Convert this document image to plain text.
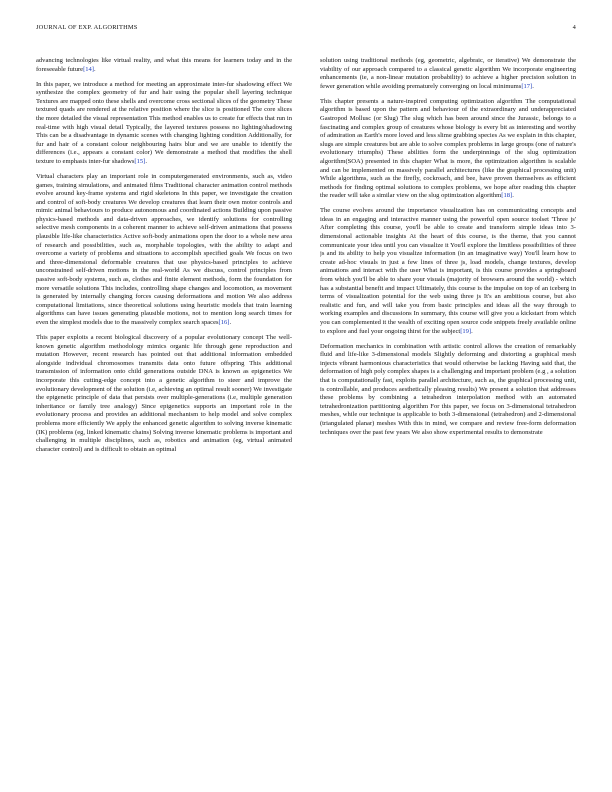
JOURNAL OF EXP. ALGORITHMS	4

advancing technologies like virtual reality, and what this means for learners today and in the foreseeable future[14].

In this paper, we introduce a method for meeting an approximate inter-fur shadowing effect We synthesize the complex geometry of fur and hair using the popular shell layering technique Textures are mapped onto these shells and overcome cross sectional slices of the geometry These textured quads are rendered at the relative position where the slice is positioned The core slices the more detailed the visual representation This method enables us to create fur effects that run in real-time with high visual detail Typically, the layered textures possess no lighting/shadowing This can be a disadvantage in dynamic scenes with changing lighting condition Additionally, for fur and hair of a constant colour neighbouring hairs blur and we are unable to identify the differences (i.e., appears a constant color) We demonstrate a method that modifies the shell texture to emphasis inter-fur shadows[15].

Virtual characters play an important role in computergenerated environments, such as, video games, training simulations, and animated films Traditional character animation control methods evolve around key-frame systems and rigid skeletons In this paper, we investigate the creation and control of soft-body creatures We develop creatures that learn their own motor controls and mimic animal behaviours to produce autonomous and coordinated actions Building upon passive physics-based methods and data-driven approaches, we identify solutions for controlling selective mesh components in a coherent manner to achieve self-driven animations that possess plausible life-like characteristics Active soft-body animations open the door to a whole new area of research and possibilities, such as, morphable topologies, with the ability to adapt and overcome a variety of problems and situations to accomplish specified goals We focus on two and three-dimensional deformable creatures that use physics-based principles to achieve unconstrained self-driven motions in the real-world As we discuss, control principles from passive soft-body systems, such as, clothes and finite element methods, form the foundation for more versatile solutions This includes, controlling shape changes and locomotion, as movement is generated by internally changing forces causing deformations and motion We also address computational limitations, since theoretical solutions using heuristic models that train learning algorithms can have issues generating plausible motions, not to mention long search times for even the simplest models due to the massively complex search spaces[16].

This paper exploits a recent biological discovery of a popular evolutionary concept The well-known genetic algorithm methodology mimics organic life through gene reproduction and mutation However, recent research has pointed out that additional information embedded alongside individual chromosomes transmits data onto future offspring This additional transmission of information onto child generations outside DNA is known as epigenetics We incorporate this cutting-edge concept into a genetic algorithm to steer and improve the evolutionary development of the solution (i.e, achieving an optimal result sooner) We investigate the epigenetic principle of data that persists over multiple-generations (i.e, multiple generation inheritance or family tree analogy) Since epigenetics supports an important role in the evolutionary process and provides an additional mechanism to help model and solve complex problems more efficiently We apply the enhanced genetic algorithm to solving inverse kinematic (IK) problems (eg, linked kinematic chains) Solving inverse kinematic problems is important and challenging in multiple disciplines, such as, robotics and animation (eg, virtual animated character control) and is difficult to obtain an optimal

solution using traditional methods (eg, geometric, algebraic, or iterative) We demonstrate the viability of our approach compared to a classical genetic algorithm We incorporate engineering enhancements (ie, a non-linear mutation probability) to achieve a higher precision solution in fewer generation while avoiding prematurely converging on local minimums[17].

This chapter presents a nature-inspired computing optimization algorithm The computational algorithm is based upon the pattern and behaviour of the extraordinary and underappreciated Gastropod Mollusc (or Slug) The slug which has been around since the Jurassic, belongs to a fascinating and complex group of creatures whose biology is every bit as interesting and worthy of admiration as Earth's more loved and less slime grabbing species As we explain in this chapter, slugs are simple creatures but are able to solve complex problems in large groups (one of nature's evolutionary triumphs) These abilities form the underpinnings of the slug optimization algorithm(SOA) presented in this chapter What is more, the optimization algorithm is scalable and can be implemented on massively parallel architectures (like the graphical processing unit) While algorithms, such as the firefly, cockroach, and bee, have proven themselves as efficient methods for finding optimal solutions to complex problems, we hope after reading this chapter the reader will take a similar view on the slug optimization algorithm[18].

The course evolves around the importance visualization has on communicating concepts and ideas in an engaging and interactive manner using the powerful open source toolset 'Three js' After completing this course, you'll be able to create and transform simple ideas into 3-dimensional actionable insights At the heart of this course, is the theme, that you cannot communicate your idea until you can visualize it You'll explore the limitless possibilities of three js and its ability to help you visualize information (in an imaginative way) You'll learn how to create ad-hoc visuals in just a few lines of three js, load models, change textures, develop animations and interact with the user What is important, is this course provides a springboard from which you'll be able to share your visuals (majority of browsers around the world) - which has a substantial benefit and impact Ultimately, this course is the impulse on top of an iceberg in terms of visualization potential for the web using three js It's an ambitious course, but also realistic and fun, and will take you from basic principles and ideas all the way through to working examples and discussions In summary, this course will give you a kickstart from which you can complemented it the wealth of exciting open source code snippets freely available online to explore and fuel your ongoing thirst for the subject[19].

Deformation mechanics in combination with artistic control allows the creation of remarkably fluid and life-like 3-dimensional models Slightly deforming and distorting a graphical mesh injects vibrant harmonious characteristics that would otherwise be lacking Having said that, the deformation of high poly complex shapes is a challenging and important problem (e.g , a solution that is computationally fast, exploits parallel architecture, such as, the graphical processing unit, is controllable, and produces aesthetically pleasing results) We present a solution that addresses these problems by combining a tetrahedron interpolation method with an automated tetrahedronization partitioning algorithm For this paper, we focus on 3-dimensional tetrahedron meshes, while our technique is applicable to both 3-dimensional (tetrahedron) and 2-dimensional (triangulated planar) meshes With this in mind, we compare and review free-form deformation techniques over the past few years We also show experimental results to demonstrate
